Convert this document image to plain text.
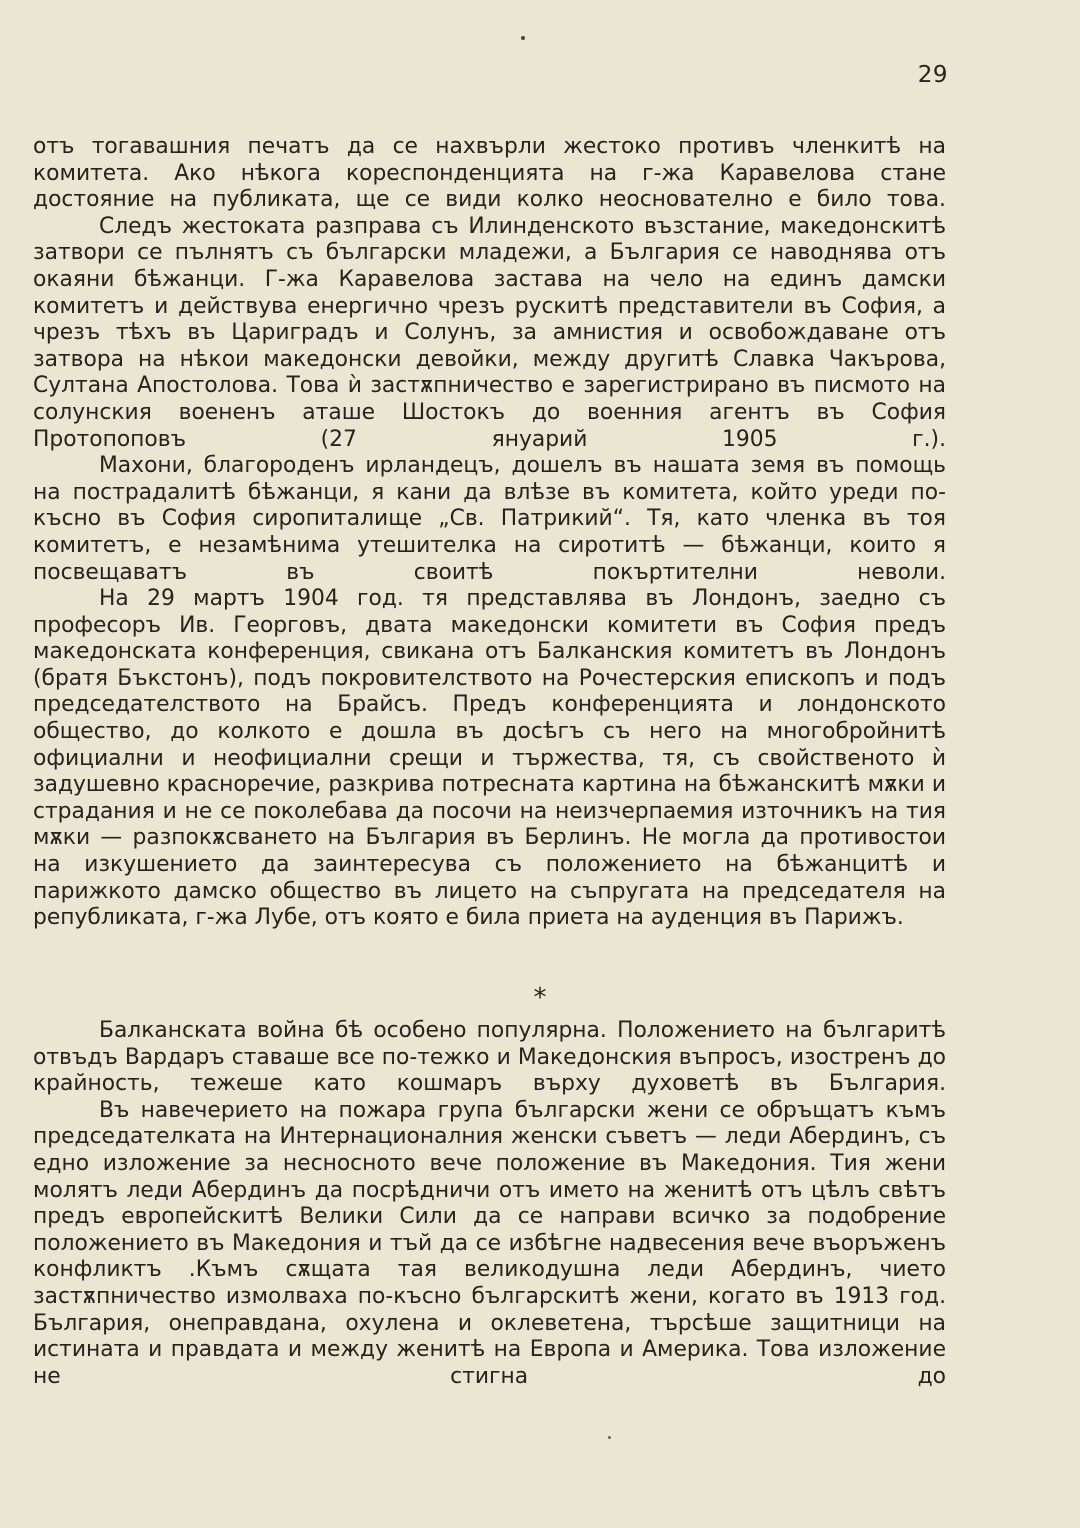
29

отъ тогавашния печатъ да се нахвърли жестоко противъ членкитѣ на комитета. Ако нѣкога кореспонденцията на г-жа Каравелова стане достояние на публиката, ще се види колко неосновaтелно е било това.

Следъ жестоката разправа съ Илинденското възстание, македонскитѣ затвори се пълнятъ съ български младежи, а България се наводнява отъ окаяни бѣжанци. Г-жа Каравелова застава на чело на единъ дамски комитетъ и действува енергично чрезъ рускитѣ представители въ София, а чрезъ тѣхъ въ Цариградъ и Солунъ, за амнистия и освобождаване отъ затвора на нѣкои македонски девойки, между другитѣ Славка Чакърова, Султана Апостолова. Това ѝ застѫпничество е зарегистрирано въ писмото на солунския воененъ аташе Шостокъ до военния агентъ въ София Протопоповъ (27 януарий 1905 г.).

Махони, благороденъ ирландецъ, дошелъ въ нашата земя въ помощь на пострадалитѣ бѣжанци, я кани да влѣзе въ комитета, който уреди по-късно въ София сиропиталище „Св. Патрикий“. Тя, като членка въ тоя комитетъ, е незамѣнима утешителка на сиротитѣ — бѣжанци, които я посвещаватъ въ своитѣ покъртителни неволи.

На 29 мартъ 1904 год. тя представлява въ Лондонъ, заедно съ професоръ Ив. Георговъ, двата македонски комитети въ София предъ македонската конференция, свикана отъ Балканския комитетъ въ Лондонъ (братя Бъкстонъ), подъ покровителството на Рочестерския епископъ и подъ председателството на Брайсъ. Предъ конференцията и лондонското общество, до колкото е дошла въ досѣгъ съ него на многобройнитѣ официални и неофициални срещи и тържества, тя, съ свойственото ѝ задушевно красноречие, разкрива потресната картина на бѣжанскитѣ мѫки и страдания и не се поколебава да посочи на неизчерпаемия източникъ на тия мѫки — разпокѫсването на България въ Берлинъ. Не могла да противостои на изкушението да заинтересува съ положението на бѣжанцитѣ и парижкото дамско общество въ лицето на съпругата на председателя на републиката, г-жа Лубе, отъ която е била приета на ауденция въ Парижъ.

*

Балканската война бѣ особено популярна. Положението на българитѣ отвъдъ Вардаръ ставаше все по-тежко и Македонския въпросъ, изостренъ до крайность, тежеше като кошмаръ върху духоветѣ въ България.

Въ навечерието на пожара група български жени се обръщатъ къмъ председателката на Интернационалния женски съветъ — леди Абердинъ, съ едно изложение за несносното вече положение въ Македония. Тия жени молятъ леди Абердинъ да посрѣдничи отъ името на женитѣ отъ цѣлъ свѣтъ предъ европейскитѣ Велики Сили да се направи всичко за подобрение положението въ Македония и тъй да се избѣгне надвесения вече въоръженъ конфликтъ .Къмъ сѫщата тая великодушна леди Абердинъ, чието застѫпничество измолваха по-късно българскитѣ жени, когато въ 1913 год. България, онеправдана, охулена и оклеветена, търсѣше защитници на истината и правдата и между женитѣ на Европа и Америка. Това изложение не стигна до
